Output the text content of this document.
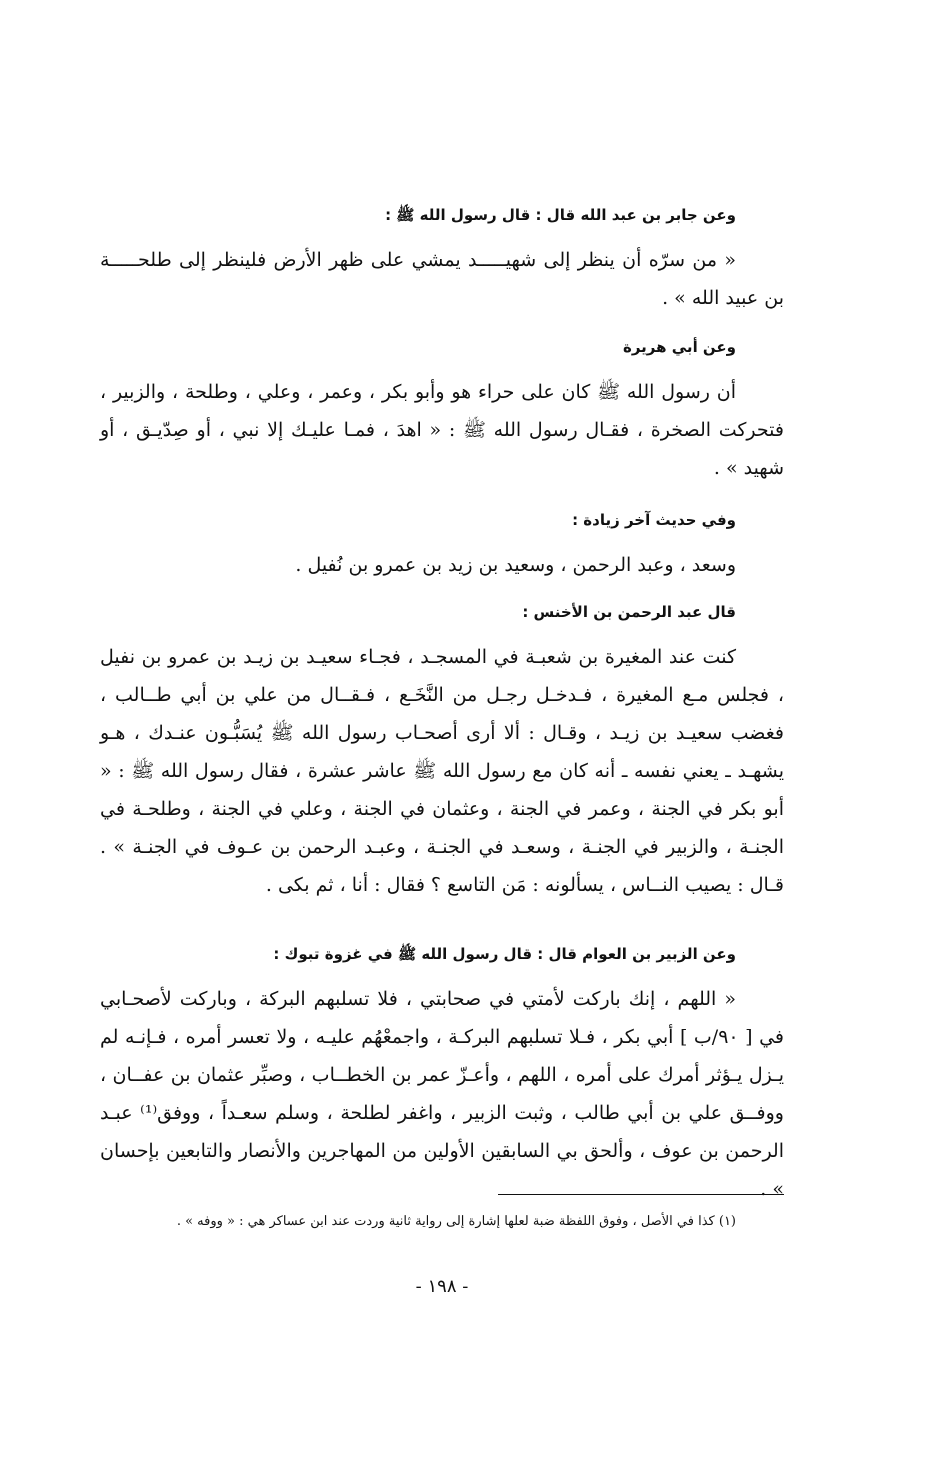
وعن جابر بن عبد الله قال : قال رسول الله ﷺ :
« من سرّه أن ينظر إلى شهيـــــد يمشي على ظهر الأرض فلينظر إلى طلحـــــة بن عبيد الله » .
وعن أبي هريرة
أن رسول الله ﷺ كان على حراء هو وأبو بكر ، وعمر ، وعلي ، وطلحة ، والزبير ، فتحركت الصخرة ، فقـال رسول الله ﷺ : « اهدَ ، فمـا عليـك إلا نبي ، أو صِدّيـق ، أو شهيد » .
وفي حديث آخر زيادة :
وسعد ، وعبد الرحمن ، وسعيد بن زيد بن عمرو بن نُفيل .
قال عبد الرحمن بن الأخنس :
كنت عند المغيرة بن شعبـة في المسجـد ، فجـاء سعيـد بن زيـد بن عمرو بن نفيل ، فجلس مـع المغيرة ، فـدخـل رجـل من النَّخَـع ، فـقــال من علي بن أبي طــالب ، فغضب سعيـد بن زيـد ، وقـال : ألا أرى أصحـاب رسول الله ﷺ يُسَبُّـون عنـدك ، هـو يشهـد ـ يعني نفسه ـ أنه كان مع رسول الله ﷺ عاشر عشرة ، فقال رسول الله ﷺ : « أبو بكر في الجنة ، وعمر في الجنة ، وعثمان في الجنة ، وعلي في الجنة ، وطلحـة في الجنـة ، والزبير في الجنـة ، وسعـد في الجنـة ، وعبـد الرحمن بن عـوف في الجنـة » . قـال : يصيب النــاس ، يسألونه : مَن التاسع ؟ فقال : أنا ، ثم بكى .
وعن الزبير بن العوام قال : قال رسول الله ﷺ في غزوة تبوك :
« اللهم ، إنك باركت لأمتي في صحابتي ، فلا تسلبهم البركة ، وباركت لأصحـابي في [ ٩٠/ب ] أبي بكر ، فـلا تسلبهم البركـة ، واجمعْهُم عليـه ، ولا تعسر أمره ، فـإنـه لم يـزل يـؤثر أمرك على أمره ، اللهم ، وأعـزّ عمر بن الخطــاب ، وصبِّر عثمان بن عفــان ، ووفــق علي بن أبي طالب ، وثبت الزبير ، واغفر لطلحة ، وسلم سعـداً ، ووفق⁽¹⁾ عبـد الرحمن بن عوف ، وألحق بي السابقين الأولين من المهاجرين والأنصار والتابعين بإحسان » .
(١) كذا في الأصل ، وفوق اللفظة ضبة لعلها إشارة إلى رواية ثانية وردت عند ابن عساكر هي : « ووفه » .
- ١٩٨ -
